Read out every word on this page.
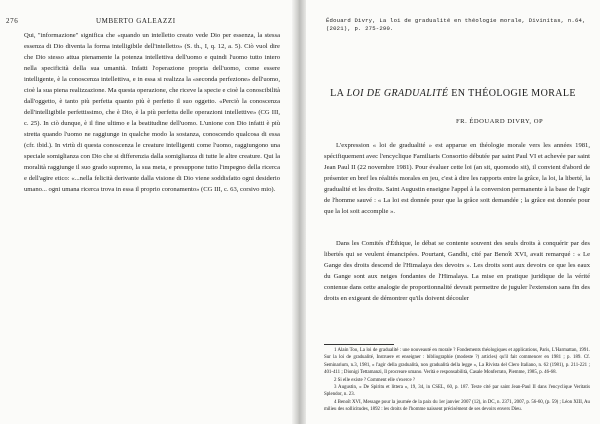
276	UMBERTO GALEAZZI

Qui, "informazione" significa che «quando un intelletto creato vede Dio per essenza, la stessa essenza di Dio diventa la forma intelligibile dell'intelletto» (S. th., I, q. 12, a. 5). Ciò vuol dire che Dio stesso attua pienamente la potenza intellettiva dell'uomo e quindi l'uomo tutto intero nella specificità della sua umanità. Infatti l'operazione propria dell'uomo, come essere intelligente, è la conoscenza intellettiva, e in essa si realizza la «seconda perfezione» dell'uomo, cioè la sua piena realizzazione. Ma questa operazione, che riceve la specie e cioè la conoscibilità dall'oggetto, è tanto più perfetta quanto più è perfetto il suo oggetto. «Perciò la conoscenza dell'intelligibile perfettissimo, che è Dio, è la più perfetta delle operazioni intellettive» (CG III, c. 25). In ciò dunque, è il fine ultimo e la beatitudine dell'uomo. L'unione con Dio infatti è più stretta quando l'uomo ne raggiunge in qualche modo la sostanza, conoscendo qualcosa di essa (cfr. ibid.). In virtù di questa conoscenza le creature intelligenti come l'uomo, raggiungono una speciale somiglianza con Dio che si differenzia dalla somiglianza di tutte le altre creature. Qui la moralità raggiunge il suo grado supremo, la sua meta, e presuppone tutto l'impegno della ricerca e dell'agire etico: «...nella felicità derivante dalla visione di Dio viene soddisfatto ogni desiderio umano... ogni umana ricerca trova in essa il proprio coronamento» (CG III, c. 63, corsivo mio).

Édouard Divry, La loi de gradualité en théologie morale, Divinitas, n.64, (2021), p. 275-290.
LA LOI DE GRADUALITÉ EN THÉOLOGIE MORALE
FR. ÉDOUARD DIVRY, OP

L'expression « loi de gradualité » est apparue en théologie morale vers les années 1981, spécifiquement avec l'encyclique Familiaris Consortio débutée par saint Paul VI et achevée par saint Jean Paul II (22 novembre 1981). Pour évaluer cette loi (an sit, quomodo sit), il convient d'abord de présenter en bref les réalités morales en jeu, c'est à dire les rapports entre la grâce, la loi, la liberté, la gradualité et les droits. Saint Augustin enseigne l'appel à la conversion permanente à la base de l'agir de l'homme sauvé : « La loi est donnée pour que la grâce soit demandée ; la grâce est donnée pour que la loi soit accomplie ».

Dans les Comités d'Éthique, le débat se contente souvent des seuls droits à conquérir par des libertés qui se veulent émancipées. Pourtant, Gandhi, cité par Benoît XVI, avait remarqué : « Le Gange des droits descend de l'Himalaya des devoirs ». Les droits sont aux devoirs ce que les eaux du Gange sont aux neiges fondantes de l'Himalaya. La mise en pratique juridique de la vérité contenue dans cette analogie de proportionnalité devrait permettre de juguler l'extension sans fin des droits en exigeant de démontrer qu'ils doivent découler

1 Alain Too, La loi de gradualité : une nouveauté en morale ? Fondements théologiques et applications, Paris, L'Harmattan, 1991. Sur la loi de gradualité, Instruere et enseigner : bibliographie (modeste ?) articles) qu'il fait commencer en 1981 ; p. 189. Cf. Seminarium, n.3, 1981, « l'agir della gradualità, non gradualità della legge », La Rivista del Clero Italiano, n. 62 (1981), p. 211-221 ; 401-411 ; Dionigi Tettamanzi, Il procreare umano. Verità e responsabilità, Casale Monferrato, Piemme, 1985, p. 46-68.
2 Si elle existe ? Comment elle s'exerce ?
3 Augustin, « De Spiritu et littera », 19, 34, in CSEL, 60, p. 187. Texte cité par saint Jean-Paul II dans l'encyclique Veritatis Splendor, n. 23.
4 Benoît XVI, Message pour la journée de la paix du 1er janvier 2007 (12), in DC, n. 2371, 2007, p. 56-60, (p. 59) ; Léon XIII, Au milieu des sollicitudes, 1892 : les droits de l'homme naissent précisément de ses devoirs envers Dieu.
